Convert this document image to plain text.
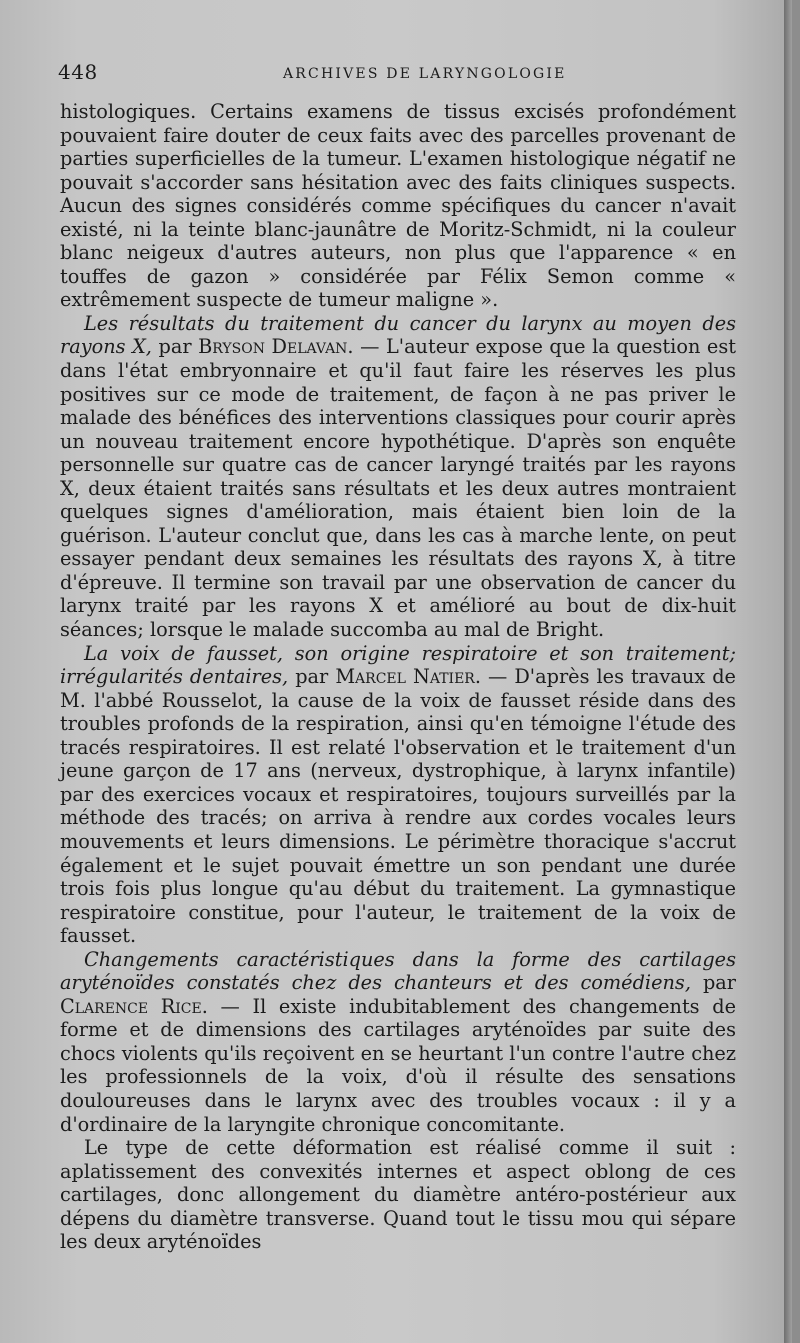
448	ARCHIVES DE LARYNGOLOGIE

histologiques. Certains examens de tissus excisés profondément pouvaient faire douter de ceux faits avec des parcelles provenant de parties superficielles de la tumeur. L'examen histologique négatif ne pouvait s'accorder sans hésitation avec des faits cliniques suspects. Aucun des signes considérés comme spécifiques du cancer n'avait existé, ni la teinte blanc-jaunâtre de Moritz-Schmidt, ni la couleur blanc neigeux d'autres auteurs, non plus que l'apparence « en touffes de gazon » considérée par Félix Semon comme « extrêmement suspecte de tumeur maligne ».

Les résultats du traitement du cancer du larynx au moyen des rayons X, par Bryson Delavan. — L'auteur expose que la question est dans l'état embryonnaire et qu'il faut faire les réserves les plus positives sur ce mode de traitement, de façon à ne pas priver le malade des bénéfices des interventions classiques pour courir après un nouveau traitement encore hypothétique. D'après son enquête personnelle sur quatre cas de cancer laryngé traités par les rayons X, deux étaient traités sans résultats et les deux autres montraient quelques signes d'amélioration, mais étaient bien loin de la guérison. L'auteur conclut que, dans les cas à marche lente, on peut essayer pendant deux semaines les résultats des rayons X, à titre d'épreuve. Il termine son travail par une observation de cancer du larynx traité par les rayons X et amélioré au bout de dix-huit séances; lorsque le malade succomba au mal de Bright.

La voix de fausset, son origine respiratoire et son traitement; irrégularités dentaires, par Marcel Natier. — D'après les travaux de M. l'abbé Rousselot, la cause de la voix de fausset réside dans des troubles profonds de la respiration, ainsi qu'en témoigne l'étude des tracés respiratoires. Il est relaté l'observation et le traitement d'un jeune garçon de 17 ans (nerveux, dystrophique, à larynx infantile) par des exercices vocaux et respiratoires, toujours surveillés par la méthode des tracés; on arriva à rendre aux cordes vocales leurs mouvements et leurs dimensions. Le périmètre thoracique s'accrut également et le sujet pouvait émettre un son pendant une durée trois fois plus longue qu'au début du traitement. La gymnastique respiratoire constitue, pour l'auteur, le traitement de la voix de fausset.

Changements caractéristiques dans la forme des cartilages aryténoïdes constatés chez des chanteurs et des comédiens, par Clarence Rice. — Il existe indubitablement des changements de forme et de dimensions des cartilages aryténoïdes par suite des chocs violents qu'ils reçoivent en se heurtant l'un contre l'autre chez les professionnels de la voix, d'où il résulte des sensations douloureuses dans le larynx avec des troubles vocaux : il y a d'ordinaire de la laryngite chronique concomitante.

Le type de cette déformation est réalisé comme il suit : aplatissement des convexités internes et aspect oblong de ces cartilages, donc allongement du diamètre antéro-postérieur aux dépens du diamètre transverse. Quand tout le tissu mou qui sépare les deux aryténoïdes
